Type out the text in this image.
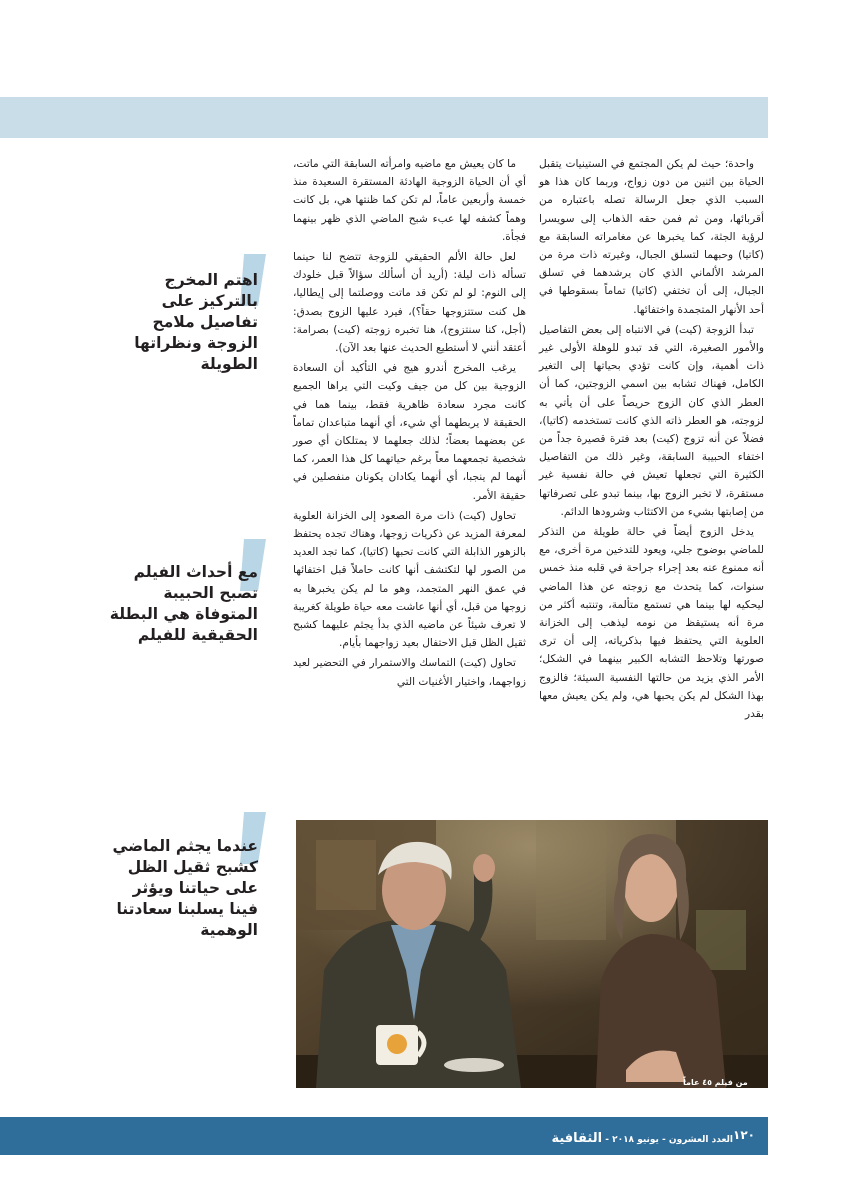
واحدة؛ حيث لم يكن المجتمع في الستينيات يتقبل الحياة بين اثنين من دون زواج، وربما كان هذا هو السبب الذي جعل الرسالة تصله باعتباره من أقربائها، ومن ثم فمن حقه الذهاب إلى سويسرا لرؤية الجثة، كما يخبرها عن مغامراته السابقة مع (كاتيا) وحبهما لتسلق الجبال، وغيرته ذات مرة من المرشد الألماني الذي كان يرشدهما في تسلق الجبال، إلى أن تختفي (كاتيا) تماماً بسقوطها في أحد الأنهار المتجمدة واختفائها.

تبدأ الزوجة (كيت) في الانتباه إلى بعض التفاصيل والأمور الصغيرة، التي قد تبدو للوهلة الأولى غير ذات أهمية، وإن كانت تؤدي بحياتها إلى التغير الكامل، فهناك تشابه بين اسمي الزوجتين، كما أن العطر الذي كان الزوج حريصاً على أن يأتي به لزوجته، هو العطر ذاته الذي كانت تستخدمه (كاتيا)، فضلاً عن أنه تزوج (كيت) بعد فترة قصيرة جداً من اختفاء الحبيبة السابقة، وغير ذلك من التفاصيل الكثيرة التي تجعلها تعيش في حالة نفسية غير مستقرة، لا تخبر الزوج بها، بينما تبدو على تصرفاتها من إصابتها بشيء من الاكتئاب وشرودها الدائم.

يدخل الزوج أيضاً في حالة طويلة من التذكر للماضي بوضوح جلي، ويعود للتدخين مرة أخرى، مع أنه ممنوع عنه بعد إجراء جراحة في قلبه منذ خمس سنوات، كما يتحدث مع زوجته عن هذا الماضي ليحكيه لها بينما هي تستمع متألمة، وتنتبه أكثر من مرة أنه يستيقظ من نومه ليذهب إلى الخزانة العلوية التي يحتفظ فيها بذكرياته، إلى أن ترى صورتها وتلاحظ التشابه الكبير بينهما في الشكل؛ الأمر الذي يزيد من حالتها النفسية السيئة؛ فالزوج بهذا الشكل لم يكن يحبها هي، ولم يكن يعيش معها بقدر

ما كان يعيش مع ماضيه وامرأته السابقة التي ماتت، أي أن الحياة الزوجية الهادئة المستقرة السعيدة منذ خمسة وأربعين عاماً، لم تكن كما ظنتها هي، بل كانت وهماً كشفه لها عبء شبح الماضي الذي ظهر بينهما فجأة.

لعل حالة الألم الحقيقي للزوجة تتضح لنا حينما تسأله ذات ليلة: (أريد أن أسألك سؤالاً قبل خلودك إلى النوم: لو لم تكن قد ماتت ووصلتما إلى إيطاليا، هل كنت ستتزوجها حقاً؟)، فيرد عليها الزوج بصدق: (أجل، كنا سنتزوج)، هنا تخبره زوجته (كيت) بصرامة: أعتقد أنني لا أستطيع الحديث عنها بعد الآن).

يرغب المخرج أندرو هيج في التأكيد أن السعادة الزوجية بين كل من جيف وكيت التي يراها الجميع كانت مجرد سعادة ظاهرية فقط، بينما هما في الحقيقة لا يربطهما أي شيء، أي أنهما متباعدان تماماً عن بعضهما بعضاً؛ لذلك جعلهما لا يمتلكان أي صور شخصية تجمعهما معاً برغم حياتهما كل هذا العمر، كما أنهما لم ينجبا، أي أنهما يكادان يكونان منفصلين في حقيقة الأمر.

تحاول (كيت) ذات مرة الصعود إلى الخزانة العلوية لمعرفة المزيد عن ذكريات زوجها، وهناك تجده يحتفظ بالزهور الذابلة التي كانت تحبها (كاتيا)، كما تجد العديد من الصور لها لتكتشف أنها كانت حاملاً قبل اختفائها في عمق النهر المتجمد، وهو ما لم يكن يخبرها به زوجها من قبل، أي أنها عاشت معه حياة طويلة كغريبة لا تعرف شيئاً عن ماضيه الذي بدأ يجثم عليهما كشبح ثقيل الظل قبل الاحتفال بعيد زواجهما بأيام.

تحاول (كيت) التماسك والاستمرار في التحضير لعيد زواجهما، واختيار الأغنيات التي

اهتم المخرج
بالتركيز على
تفاصيل ملامح
الزوجة ونظراتها
الطويلة
مع أحداث الفيلم
تصبح الحبيبة
المتوفاة هي البطلة
الحقيقية للفيلم
عندما يجثم الماضي
كشبح ثقيل الظل
على حياتنا ويؤثر
فينا يسلبنا سعادتنا
الوهمية
من فيلم ٤٥ عاماً
١٢٠
العدد العشرون - يونيو ٢٠١٨ - الثقافية
